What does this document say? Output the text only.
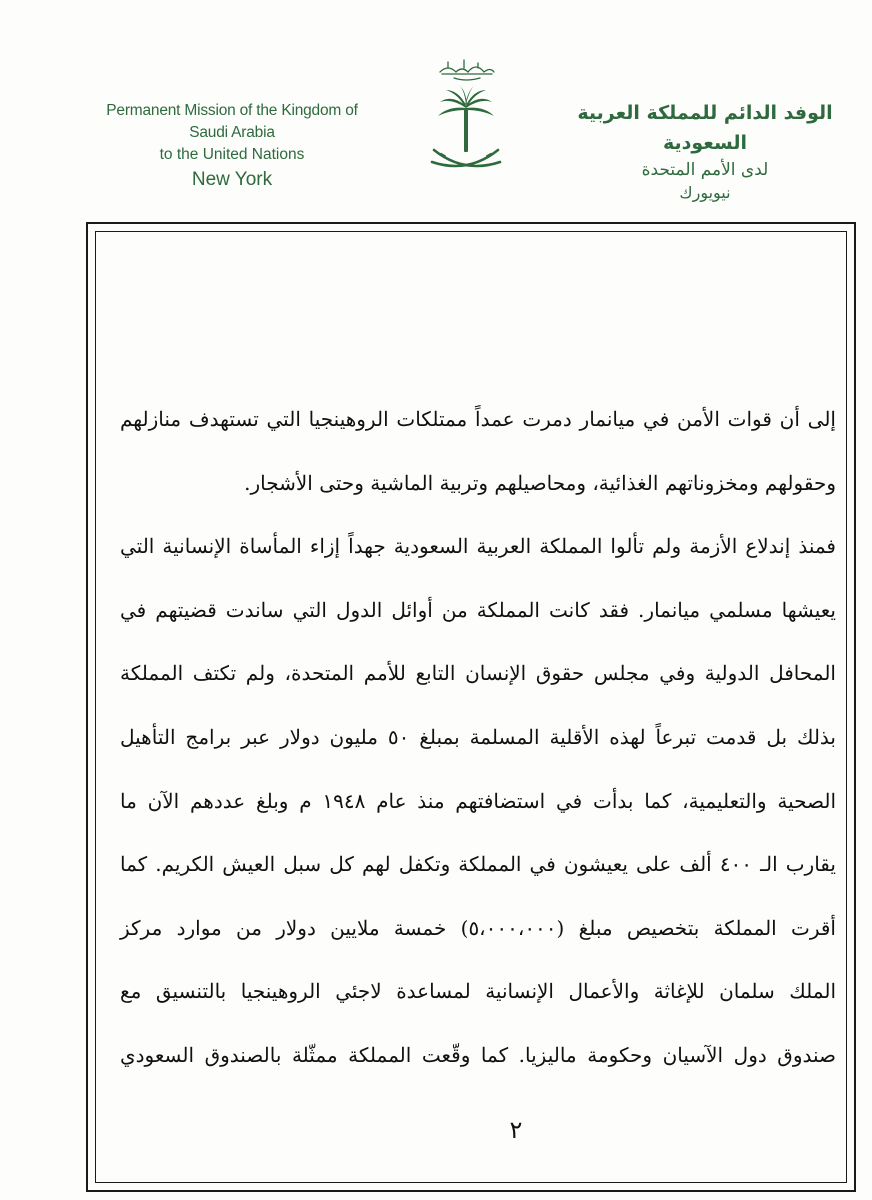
Permanent Mission of the Kingdom of Saudi Arabia
to the United Nations
New York
الوفد الدائم للمملكة العربية السعودية
لدى الأمم المتحدة
نيويورك
إلى أن قوات الأمن في ميانمار دمرت عمداً ممتلكات الروهينجيا التي تستهدف منازلهم
وحقولهم ومخزوناتهم الغذائية، ومحاصيلهم وتربية الماشية وحتى الأشجار.
فمنذ إندلاع الأزمة ولم تألوا المملكة العربية السعودية جهداً إزاء المأساة الإنسانية التي
يعيشها مسلمي ميانمار. فقد كانت المملكة من أوائل الدول التي ساندت قضيتهم في
المحافل الدولية وفي مجلس حقوق الإنسان التابع للأمم المتحدة، ولم تكتف المملكة
بذلك بل قدمت تبرعاً لهذه الأقلية المسلمة بمبلغ ٥٠ مليون دولار عبر برامج التأهيل
الصحية والتعليمية، كما بدأت في استضافتهم منذ عام ١٩٤٨ م وبلغ عددهم الآن ما
يقارب الـ ٤٠٠ ألف على يعيشون في المملكة وتكفل لهم كل سبل العيش الكريم. كما
أقرت المملكة بتخصيص مبلغ (٥،٠٠٠،٠٠٠) خمسة ملايين دولار من موارد مركز
الملك سلمان للإغاثة والأعمال الإنسانية لمساعدة لاجئي الروهينجيا بالتنسيق مع
صندوق دول الآسيان وحكومة ماليزيا. كما وقّعت المملكة ممثّلة بالصندوق السعودي
٢
